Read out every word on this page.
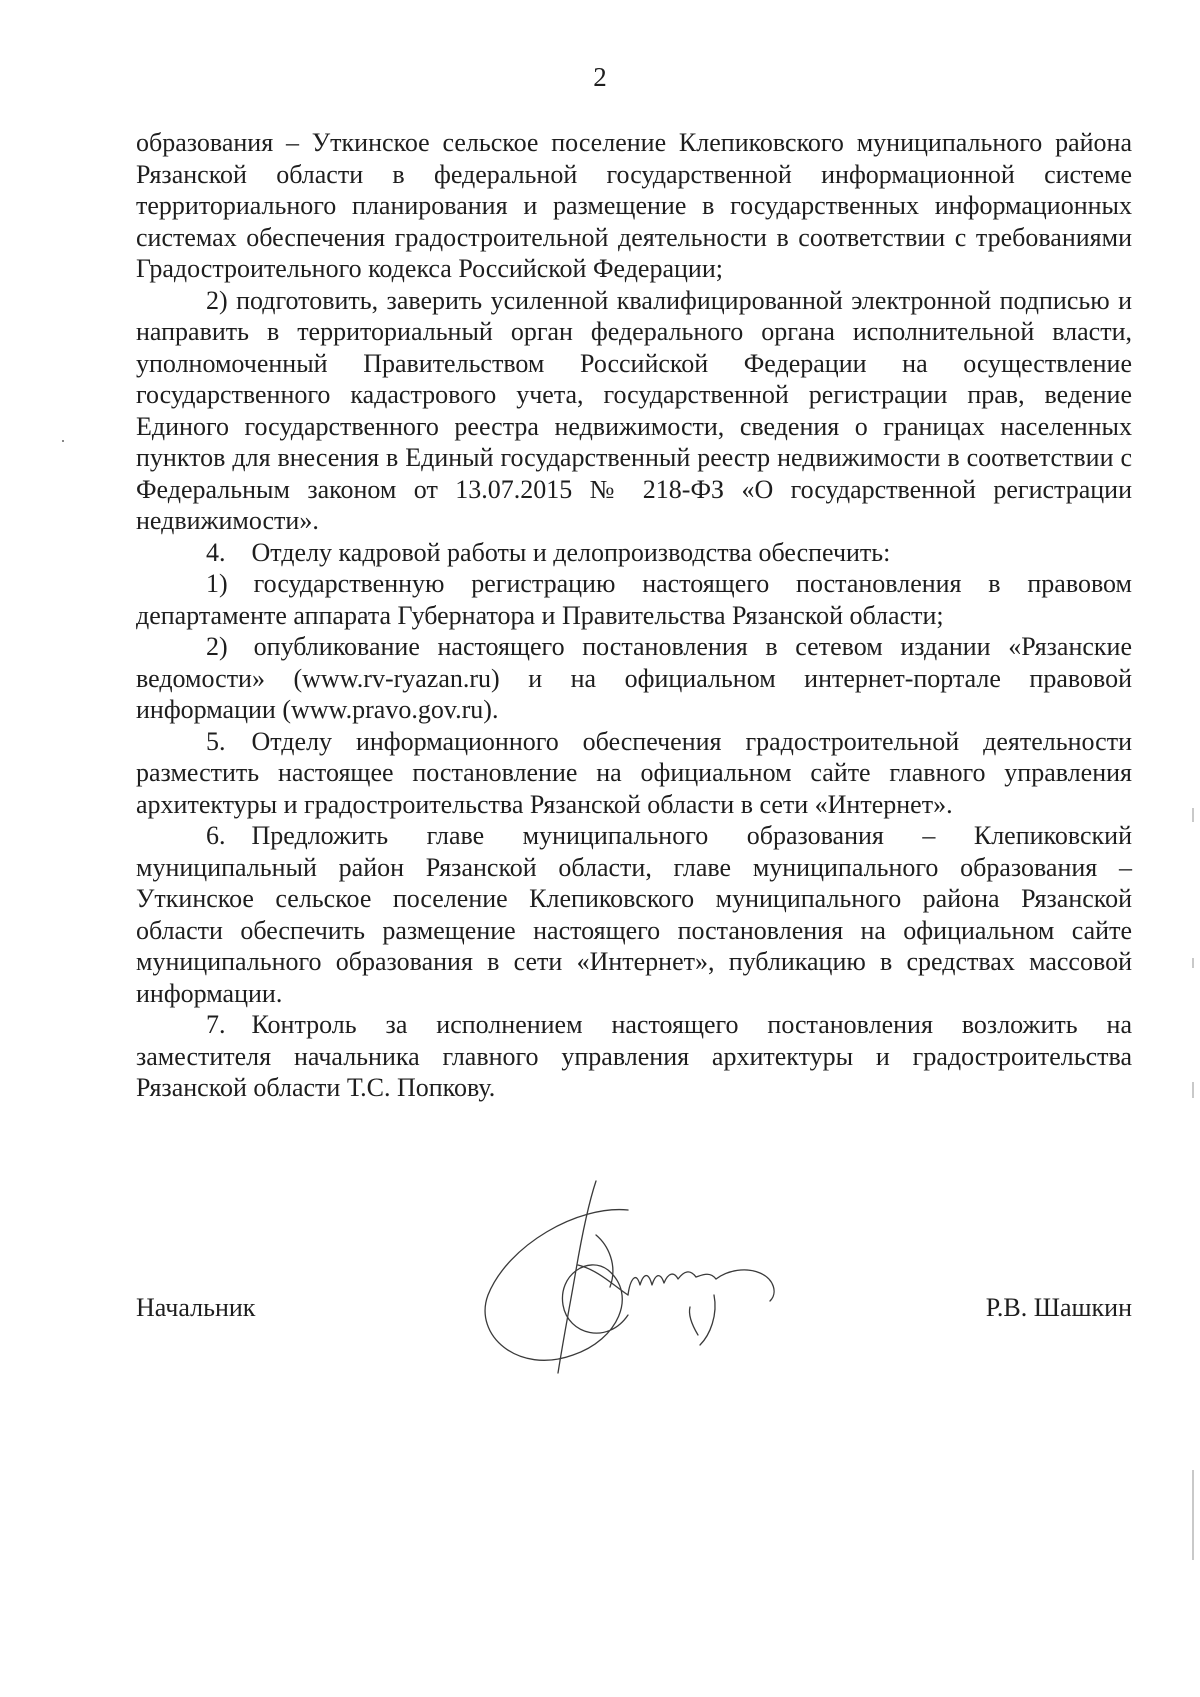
2

образования – Уткинское сельское поселение Клепиковского муниципального района Рязанской области в федеральной государственной информационной системе территориального планирования и размещение в государственных информационных системах обеспечения градостроительной деятельности в соответствии с требованиями Градостроительного кодекса Российской Федерации;

2) подготовить, заверить усиленной квалифицированной электронной подписью и направить в территориальный орган федерального органа исполнительной власти, уполномоченный Правительством Российской Федерации на осуществление государственного кадастрового учета, государственной регистрации прав, ведение Единого государственного реестра недвижимости, сведения о границах населенных пунктов для внесения в Единый государственный реестр недвижимости в соответствии с Федеральным законом от 13.07.2015 № 218-ФЗ «О государственной регистрации недвижимости».

4. Отделу кадровой работы и делопроизводства обеспечить:

1) государственную регистрацию настоящего постановления в правовом департаменте аппарата Губернатора и Правительства Рязанской области;

2) опубликование настоящего постановления в сетевом издании «Рязанские ведомости» (www.rv-ryazan.ru) и на официальном интернет-портале правовой информации (www.pravo.gov.ru).

5. Отделу информационного обеспечения градостроительной деятельности разместить настоящее постановление на официальном сайте главного управления архитектуры и градостроительства Рязанской области в сети «Интернет».

6. Предложить главе муниципального образования – Клепиковский муниципальный район Рязанской области, главе муниципального образования – Уткинское сельское поселение Клепиковского муниципального района Рязанской области обеспечить размещение настоящего постановления на официальном сайте муниципального образования в сети «Интернет», публикацию в средствах массовой информации.

7. Контроль за исполнением настоящего постановления возложить на заместителя начальника главного управления архитектуры и градостроительства Рязанской области Т.С. Попкову.

Начальник	Р.В. Шашкин
